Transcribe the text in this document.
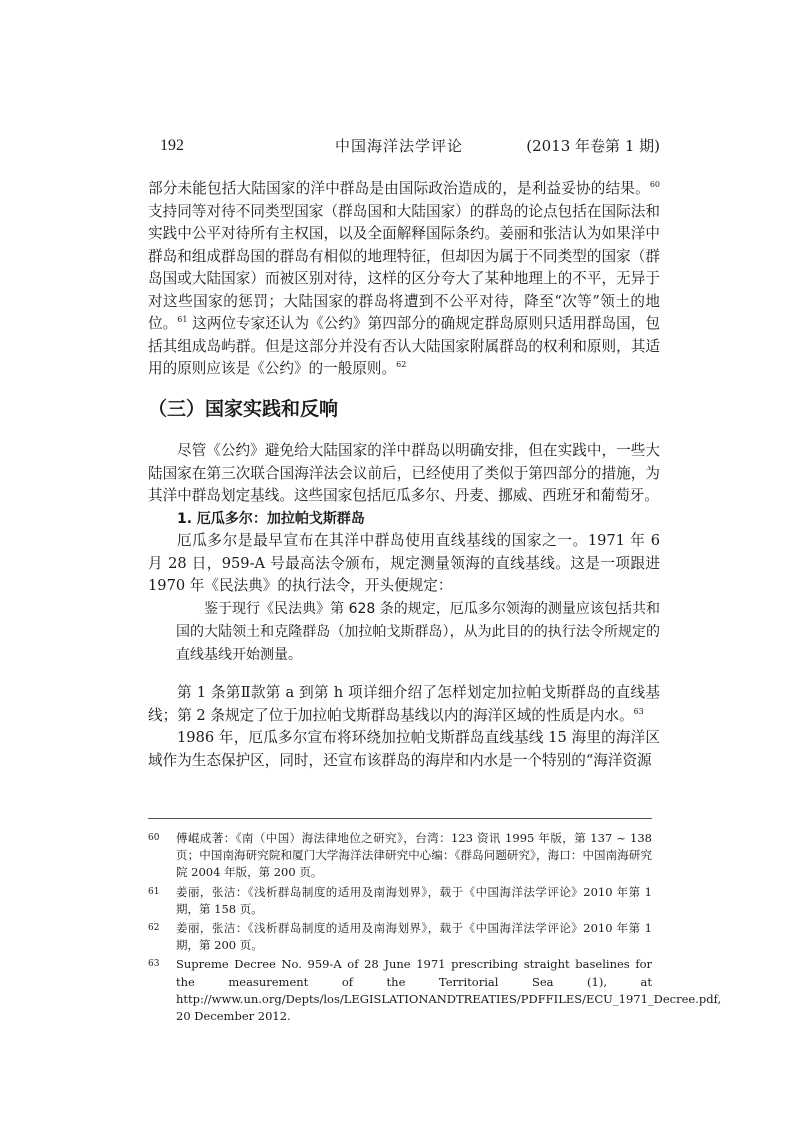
192	中国海洋法学评论	(2013 年卷第 1 期)

部分未能包括大陆国家的洋中群岛是由国际政治造成的，是利益妥协的结果。$^{60}$支持同等对待不同类型国家（群岛国和大陆国家）的群岛的论点包括在国际法和实践中公平对待所有主权国，以及全面解释国际条约。姜丽和张洁认为如果洋中群岛和组成群岛国的群岛有相似的地理特征，但却因为属于不同类型的国家（群岛国或大陆国家）而被区别对待，这样的区分夸大了某种地理上的不平，无异于对这些国家的惩罚；大陆国家的群岛将遭到不公平对待，降至“次等”领土的地位。$^{61}$ 这两位专家还认为《公约》第四部分的确规定群岛原则只适用群岛国，包括其组成岛屿群。但是这部分并没有否认大陆国家附属群岛的权利和原则，其适用的原则应该是《公约》的一般原则。$^{62}$

（三）国家实践和反响

尽管《公约》避免给大陆国家的洋中群岛以明确安排，但在实践中，一些大陆国家在第三次联合国海洋法会议前后，已经使用了类似于第四部分的措施，为其洋中群岛划定基线。这些国家包括厄瓜多尔、丹麦、挪威、西班牙和葡萄牙。

1. 厄瓜多尔：加拉帕戈斯群岛

厄瓜多尔是最早宣布在其洋中群岛使用直线基线的国家之一。1971 年 6 月 28 日，959-A 号最高法令颁布，规定测量领海的直线基线。这是一项跟进 1970 年《民法典》的执行法令，开头便规定：

鉴于现行《民法典》第 628 条的规定，厄瓜多尔领海的测量应该包括共和国的大陆领土和克隆群岛（加拉帕戈斯群岛），从为此目的的执行法令所规定的直线基线开始测量。

第 1 条第Ⅱ款第 a 到第 h 项详细介绍了怎样划定加拉帕戈斯群岛的直线基线；第 2 条规定了位于加拉帕戈斯群岛基线以内的海洋区域的性质是内水。$^{63}$

1986 年，厄瓜多尔宣布将环绕加拉帕戈斯群岛直线基线 15 海里的海洋区域作为生态保护区，同时，还宣布该群岛的海岸和内水是一个特别的“海洋资源

60 傅崐成著：《南（中国）海法律地位之研究》，台湾：123 资讯 1995 年版，第 137 ~ 138 页；中国南海研究院和厦门大学海洋法律研究中心编：《群岛问题研究》，海口：中国南海研究院 2004 年版，第 200 页。
61 姜丽，张洁：《浅析群岛制度的适用及南海划界》，载于《中国海洋法学评论》2010 年第 1 期，第 158 页。
62 姜丽，张洁：《浅析群岛制度的适用及南海划界》，载于《中国海洋法学评论》2010 年第 1 期，第 200 页。
63 Supreme Decree No. 959-A of 28 June 1971 prescribing straight baselines for the measurement of the Territorial Sea (1), at http://www.un.org/Depts/los/LEGISLATIONANDTREATIES/PDFFILES/ECU_1971_Decree.pdf, 20 December 2012.
